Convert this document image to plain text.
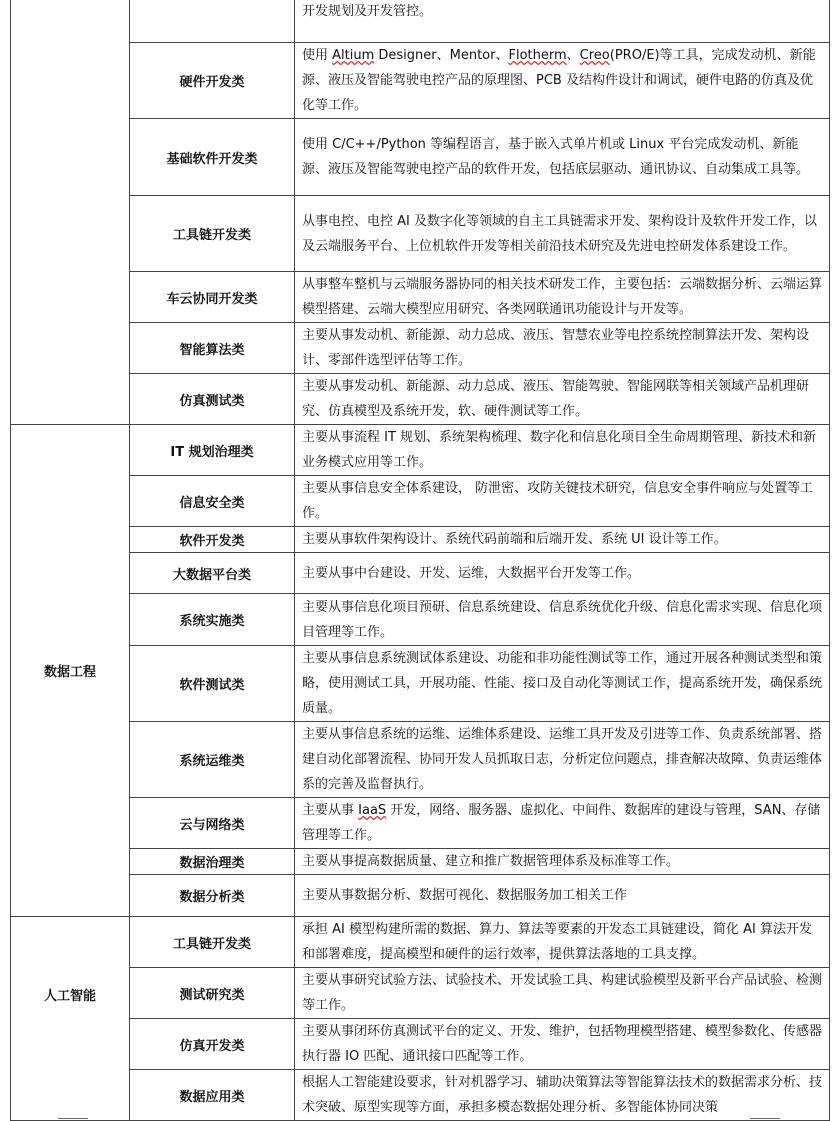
		开发规划及开发管控。
	硬件开发类	使用 Altium Designer、Mentor、Flotherm、Creo(PRO/E)等工具，完成发动机、新能源、液压及智能驾驶电控产品的原理图、PCB 及结构件设计和调试，硬件电路的仿真及优化等工作。
	基础软件开发类	使用 C/C++/Python 等编程语言，基于嵌入式单片机或 Linux 平台完成发动机、新能源、液压及智能驾驶电控产品的软件开发，包括底层驱动、通讯协议、自动集成工具等。
	工具链开发类	从事电控、电控 AI 及数字化等领域的自主工具链需求开发、架构设计及软件开发工作，以及云端服务平台、上位机软件开发等相关前沿技术研究及先进电控研发体系建设工作。
	车云协同开发类	从事整车整机与云端服务器协同的相关技术研发工作，主要包括：云端数据分析、云端运算模型搭建、云端大模型应用研究、各类网联通讯功能设计与开发等。
	智能算法类	主要从事发动机、新能源、动力总成、液压、智慧农业等电控系统控制算法开发、架构设计、零部件选型评估等工作。
	仿真测试类	主要从事发动机、新能源、动力总成、液压、智能驾驶、智能网联等相关领域产品机理研究、仿真模型及系统开发，软、硬件测试等工作。
数据工程	IT 规划治理类	主要从事流程 IT 规划、系统架构梳理、数字化和信息化项目全生命周期管理、新技术和新业务模式应用等工作。
	信息安全类	主要从事信息安全体系建设， 防泄密、攻防关键技术研究，信息安全事件响应与处置等工作。
	软件开发类	主要从事软件架构设计、系统代码前端和后端开发、系统 UI 设计等工作。
	大数据平台类	主要从事中台建设、开发、运维，大数据平台开发等工作。
	系统实施类	主要从事信息化项目预研、信息系统建设、信息系统优化升级、信息化需求实现、信息化项目管理等工作。
	软件测试类	主要从事信息系统测试体系建设、功能和非功能性测试等工作，通过开展各种测试类型和策略，使用测试工具，开展功能、性能、接口及自动化等测试工作，提高系统开发，确保系统质量。
	系统运维类	主要从事信息系统的运维、运维体系建设、运维工具开发及引进等工作、负责系统部署、搭建自动化部署流程、协同开发人员抓取日志，分析定位问题点，排查解决故障、负责运维体系的完善及监督执行。
	云与网络类	主要从事 IaaS 开发，网络、服务器、虚拟化、中间件、数据库的建设与管理，SAN、存储管理等工作。
	数据治理类	主要从事提高数据质量、建立和推广数据管理体系及标准等工作。
	数据分析类	主要从事数据分析、数据可视化、数据服务加工相关工作
人工智能	工具链开发类	承担 AI 模型构建所需的数据、算力、算法等要素的开发态工具链建设，简化 AI 算法开发和部署难度，提高模型和硬件的运行效率，提供算法落地的工具支撑。
	测试研究类	主要从事研究试验方法、试验技术、开发试验工具、构建试验模型及新平台产品试验、检测等工作。
	仿真开发类	主要从事闭环仿真测试平台的定义、开发、维护，包括物理模型搭建、模型参数化、传感器执行器 IO 匹配、通讯接口匹配等工作。
	数据应用类	根据人工智能建设要求，针对机器学习、辅助决策算法等智能算法技术的数据需求分析、技术突破、原型实现等方面，承担多模态数据处理分析、多智能体协同决策
